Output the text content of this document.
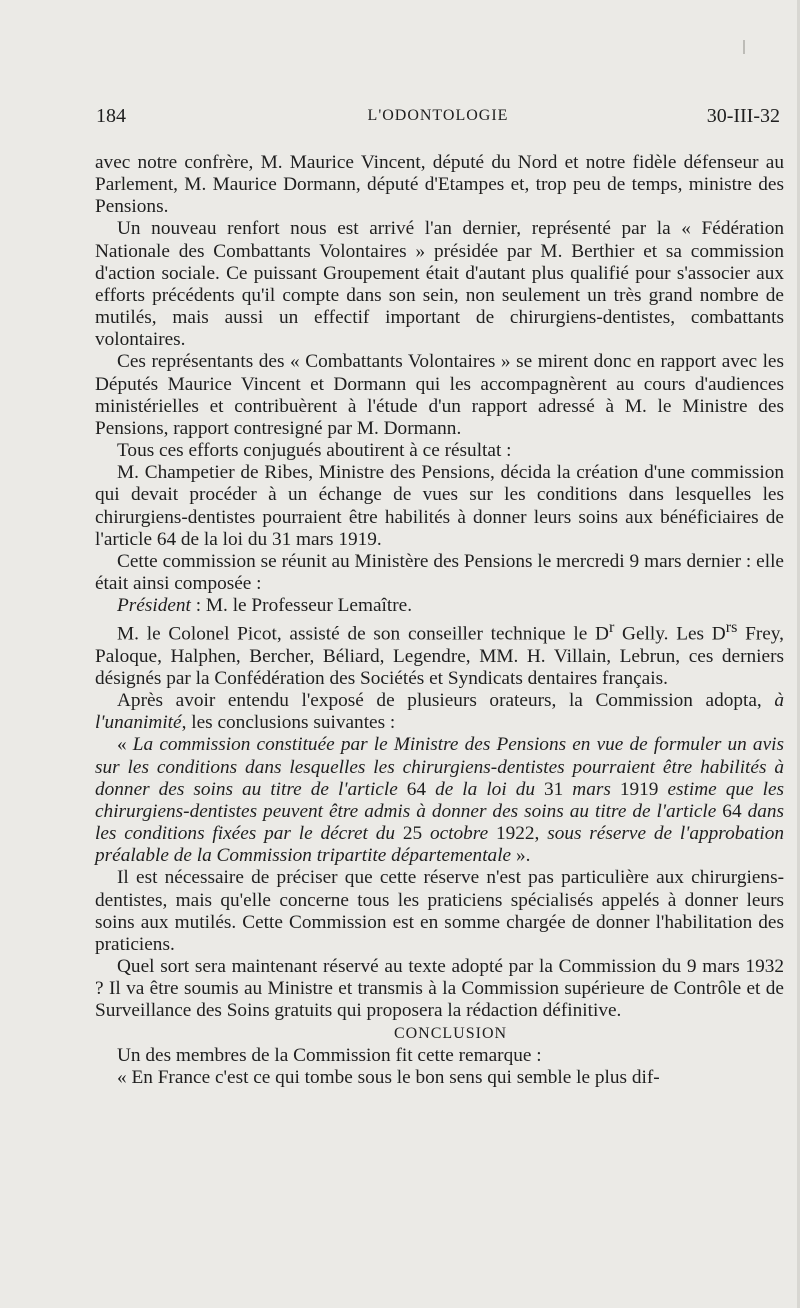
184	L'ODONTOLOGIE	30-III-32

avec notre confrère, M. Maurice Vincent, député du Nord et notre fidèle défenseur au Parlement, M. Maurice Dormann, député d'Etampes et, trop peu de temps, ministre des Pensions.

Un nouveau renfort nous est arrivé l'an dernier, représenté par la « Fédération Nationale des Combattants Volontaires » présidée par M. Berthier et sa commission d'action sociale. Ce puissant Groupement était d'autant plus qualifié pour s'associer aux efforts précédents qu'il compte dans son sein, non seulement un très grand nombre de mutilés, mais aussi un effectif important de chirurgiens-dentistes, combattants volontaires.

Ces représentants des « Combattants Volontaires » se mirent donc en rapport avec les Députés Maurice Vincent et Dormann qui les accompagnèrent au cours d'audiences ministérielles et contribuèrent à l'étude d'un rapport adressé à M. le Ministre des Pensions, rapport contresigné par M. Dormann.

Tous ces efforts conjugués aboutirent à ce résultat :

M. Champetier de Ribes, Ministre des Pensions, décida la création d'une commission qui devait procéder à un échange de vues sur les conditions dans lesquelles les chirurgiens-dentistes pourraient être habilités à donner leurs soins aux bénéficiaires de l'article 64 de la loi du 31 mars 1919.

Cette commission se réunit au Ministère des Pensions le mercredi 9 mars dernier : elle était ainsi composée :

Président : M. le Professeur Lemaître.

M. le Colonel Picot, assisté de son conseiller technique le $D^r$ Gelly. Les $D^{rs}$ Frey, Paloque, Halphen, Bercher, Béliard, Legendre, MM. H. Villain, Lebrun, ces derniers désignés par la Confédération des Sociétés et Syndicats dentaires français.

Après avoir entendu l'exposé de plusieurs orateurs, la Commission adopta, à l'unanimité, les conclusions suivantes :

« La commission constituée par le Ministre des Pensions en vue de formuler un avis sur les conditions dans lesquelles les chirurgiens-dentistes pourraient être habilités à donner des soins au titre de l'article 64 de la loi du 31 mars 1919 estime que les chirurgiens-dentistes peuvent être admis à donner des soins au titre de l'article 64 dans les conditions fixées par le décret du 25 octobre 1922, sous réserve de l'approbation préalable de la Commission tripartite départementale ».

Il est nécessaire de préciser que cette réserve n'est pas particulière aux chirurgiens-dentistes, mais qu'elle concerne tous les praticiens spécialisés appelés à donner leurs soins aux mutilés. Cette Commission est en somme chargée de donner l'habilitation des praticiens.

Quel sort sera maintenant réservé au texte adopté par la Commission du 9 mars 1932 ? Il va être soumis au Ministre et transmis à la Commission supérieure de Contrôle et de Surveillance des Soins gratuits qui proposera la rédaction définitive.

CONCLUSION

Un des membres de la Commission fit cette remarque :

« En France c'est ce qui tombe sous le bon sens qui semble le plus dif-
